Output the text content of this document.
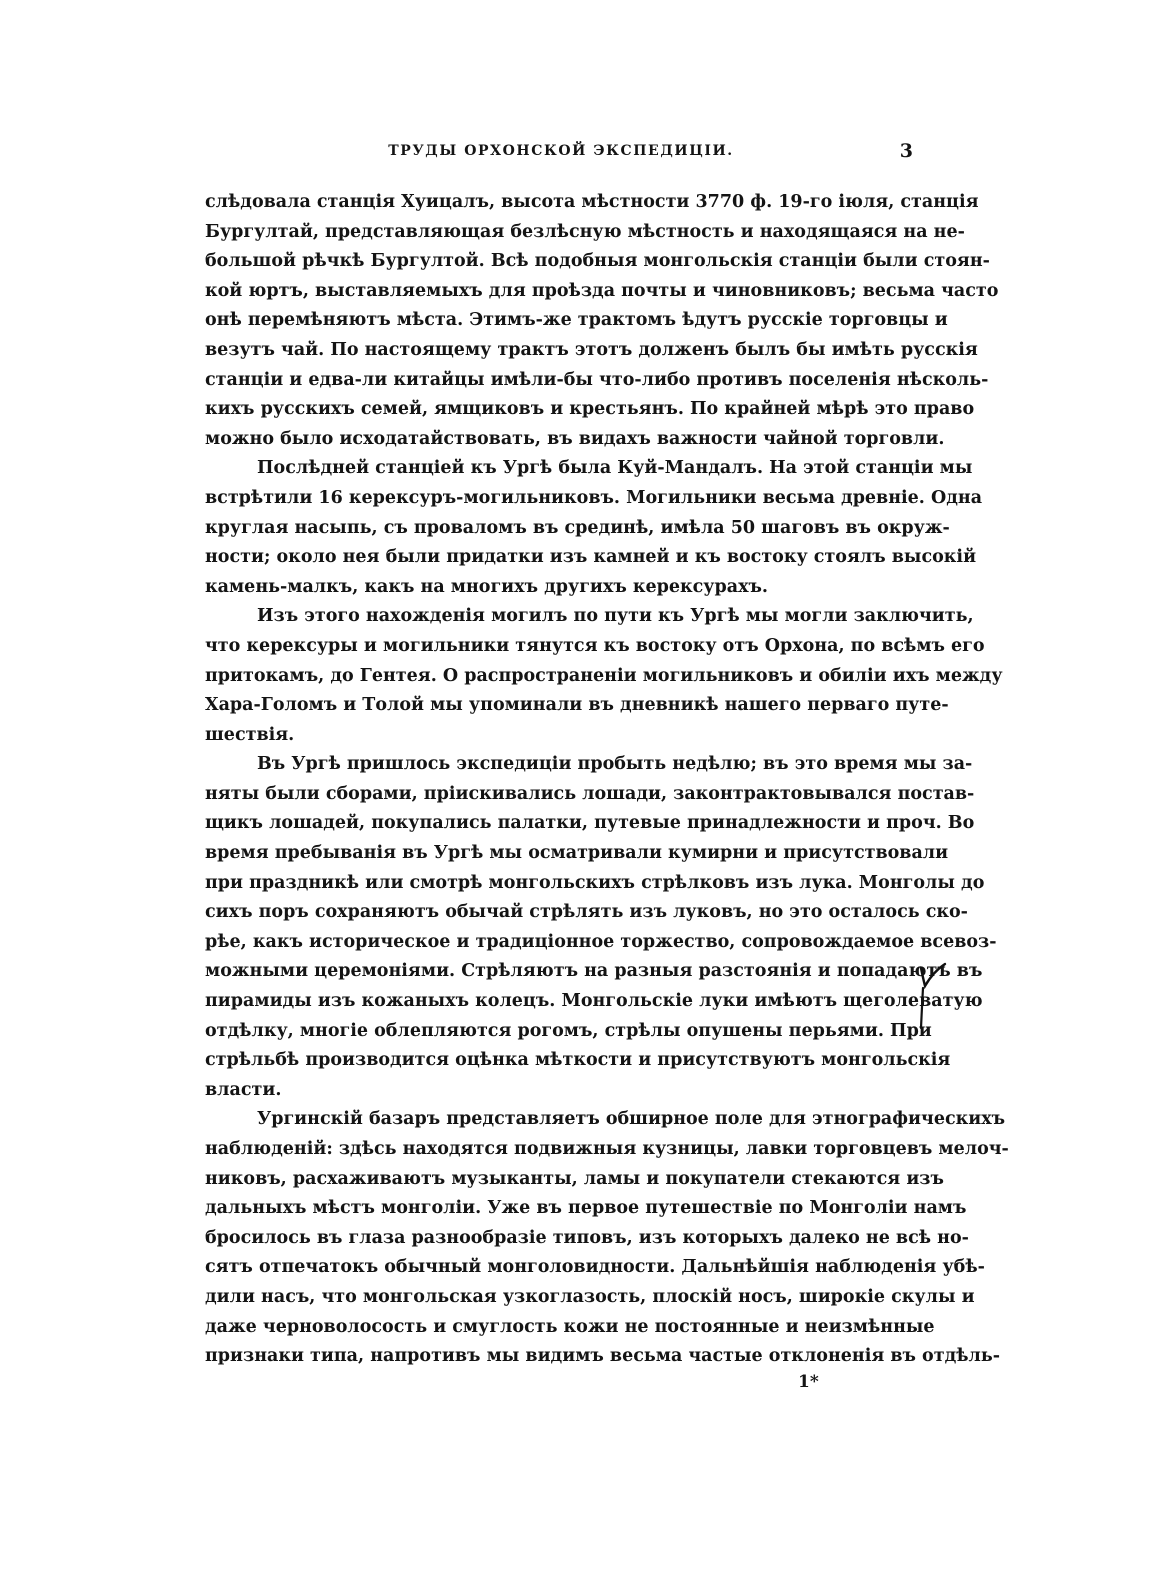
ТРУДЫ ОРХОНСКОЙ ЭКСПЕДИЦІИ.	3
слѣдовала станція Хуицалъ, высота мѣстности 3770 ф. 19-го іюля, станція
Бургултай, представляющая безлѣсную мѣстность и находящаяся на не-
большой рѣчкѣ Бургултой. Всѣ подобныя монгольскія станціи были стоян-
кой юртъ, выставляемыхъ для проѣзда почты и чиновниковъ; весьма часто
онѣ перемѣняютъ мѣста. Этимъ-же трактомъ ѣдутъ русскіе торговцы и
везутъ чай. По настоящему трактъ этотъ долженъ былъ бы имѣть русскія
станціи и едва-ли китайцы имѣли-бы что-либо противъ поселенія нѣсколь-
кихъ русскихъ семей, ямщиковъ и крестьянъ. По крайней мѣрѣ это право
можно было исходатайствовать, въ видахъ важности чайной торговли.
Послѣдней станціей къ Ургѣ была Куй-Мандалъ. На этой станціи мы
встрѣтили 16 керексуръ-могильниковъ. Могильники весьма древніе. Одна
круглая насыпь, съ проваломъ въ срединѣ, имѣла 50 шаговъ въ окруж-
ности; около нея были придатки изъ камней и къ востоку стоялъ высокій
камень-малкъ, какъ на многихъ другихъ керексурахъ.
Изъ этого нахожденія могилъ по пути къ Ургѣ мы могли заключить,
что керексуры и могильники тянутся къ востоку отъ Орхона, по всѣмъ его
притокамъ, до Гентея. О распространеніи могильниковъ и обиліи ихъ между
Хара-Голомъ и Толой мы упоминали въ дневникѣ нашего перваго путе-
шествія.
Въ Ургѣ пришлось экспедиціи пробыть недѣлю; въ это время мы за-
няты были сборами, пріискивались лошади, законтрактовывался постав-
щикъ лошадей, покупались палатки, путевые принадлежности и проч. Во
время пребыванія въ Ургѣ мы осматривали кумирни и присутствовали
при праздникѣ или смотрѣ монгольскихъ стрѣлковъ изъ лука. Монголы до
сихъ поръ сохраняютъ обычай стрѣлять изъ луковъ, но это осталось ско-
рѣе, какъ историческое и традиціонное торжество, сопровождаемое всевоз-
можными церемоніями. Стрѣляютъ на разныя разстоянія и попадаютъ въ
пирамиды изъ кожаныхъ колецъ. Монгольскіе луки имѣютъ щеголеватую
отдѣлку, многіе облепляются рогомъ, стрѣлы опушены перьями. При
стрѣльбѣ производится оцѣнка мѣткости и присутствуютъ монгольскія
власти.
Ургинскій базаръ представляетъ обширное поле для этнографическихъ
наблюденій: здѣсь находятся подвижныя кузницы, лавки торговцевъ мелоч-
никовъ, расхаживаютъ музыканты, ламы и покупатели стекаются изъ
дальныхъ мѣстъ монголіи. Уже въ первое путешествіе по Монголіи намъ
бросилось въ глаза разнообразіе типовъ, изъ которыхъ далеко не всѣ но-
сятъ отпечатокъ обычный монголовидности. Дальнѣйшія наблюденія убѣ-
дили насъ, что монгольская узкоглазость, плоскій носъ, широкіе скулы и
даже черноволосость и смуглость кожи не постоянные и неизмѣнные
признаки типа, напротивъ мы видимъ весьма частые отклоненія въ отдѣль-
1*
